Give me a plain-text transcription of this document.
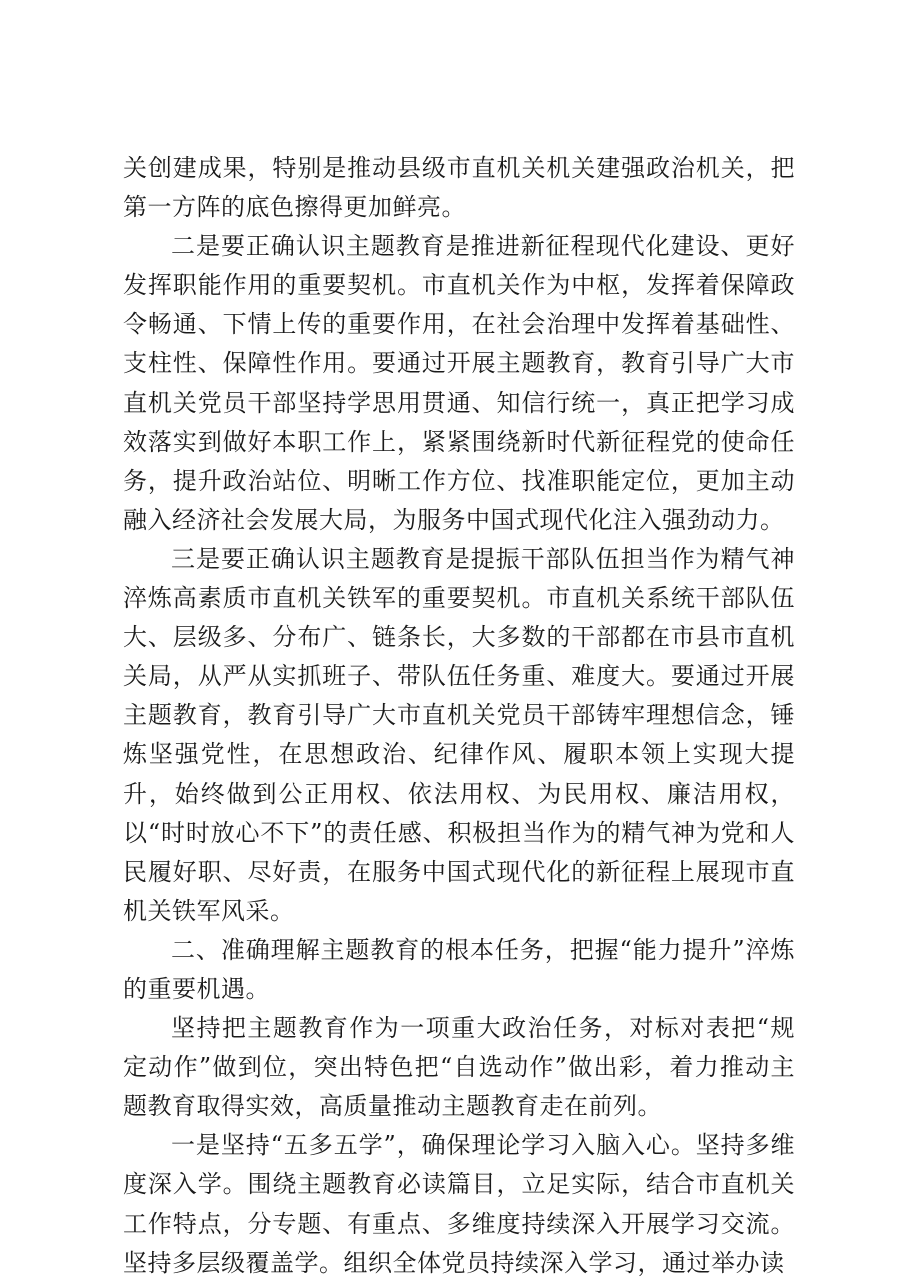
关创建成果，特别是推动县级市直机关机关建强政治机关，把第一方阵的底色擦得更加鲜亮。

二是要正确认识主题教育是推进新征程现代化建设、更好发挥职能作用的重要契机。市直机关作为中枢，发挥着保障政令畅通、下情上传的重要作用，在社会治理中发挥着基础性、支柱性、保障性作用。要通过开展主题教育，教育引导广大市直机关党员干部坚持学思用贯通、知信行统一，真正把学习成效落实到做好本职工作上，紧紧围绕新时代新征程党的使命任务，提升政治站位、明晰工作方位、找准职能定位，更加主动融入经济社会发展大局，为服务中国式现代化注入强劲动力。

三是要正确认识主题教育是提振干部队伍担当作为精气神淬炼高素质市直机关铁军的重要契机。市直机关系统干部队伍大、层级多、分布广、链条长，大多数的干部都在市县市直机关局，从严从实抓班子、带队伍任务重、难度大。要通过开展主题教育，教育引导广大市直机关党员干部铸牢理想信念，锤炼坚强党性，在思想政治、纪律作风、履职本领上实现大提升，始终做到公正用权、依法用权、为民用权、廉洁用权，以“时时放心不下”的责任感、积极担当作为的精气神为党和人民履好职、尽好责，在服务中国式现代化的新征程上展现市直机关铁军风采。

二、准确理解主题教育的根本任务，把握“能力提升”淬炼的重要机遇。

坚持把主题教育作为一项重大政治任务，对标对表把“规定动作”做到位，突出特色把“自选动作”做出彩，着力推动主题教育取得实效，高质量推动主题教育走在前列。

一是坚持“五多五学”，确保理论学习入脑入心。坚持多维度深入学。围绕主题教育必读篇目，立足实际，结合市直机关工作特点，分专题、有重点、多维度持续深入开展学习交流。坚持多层级覆盖学。组织全体党员持续深入学习，通过举办读
